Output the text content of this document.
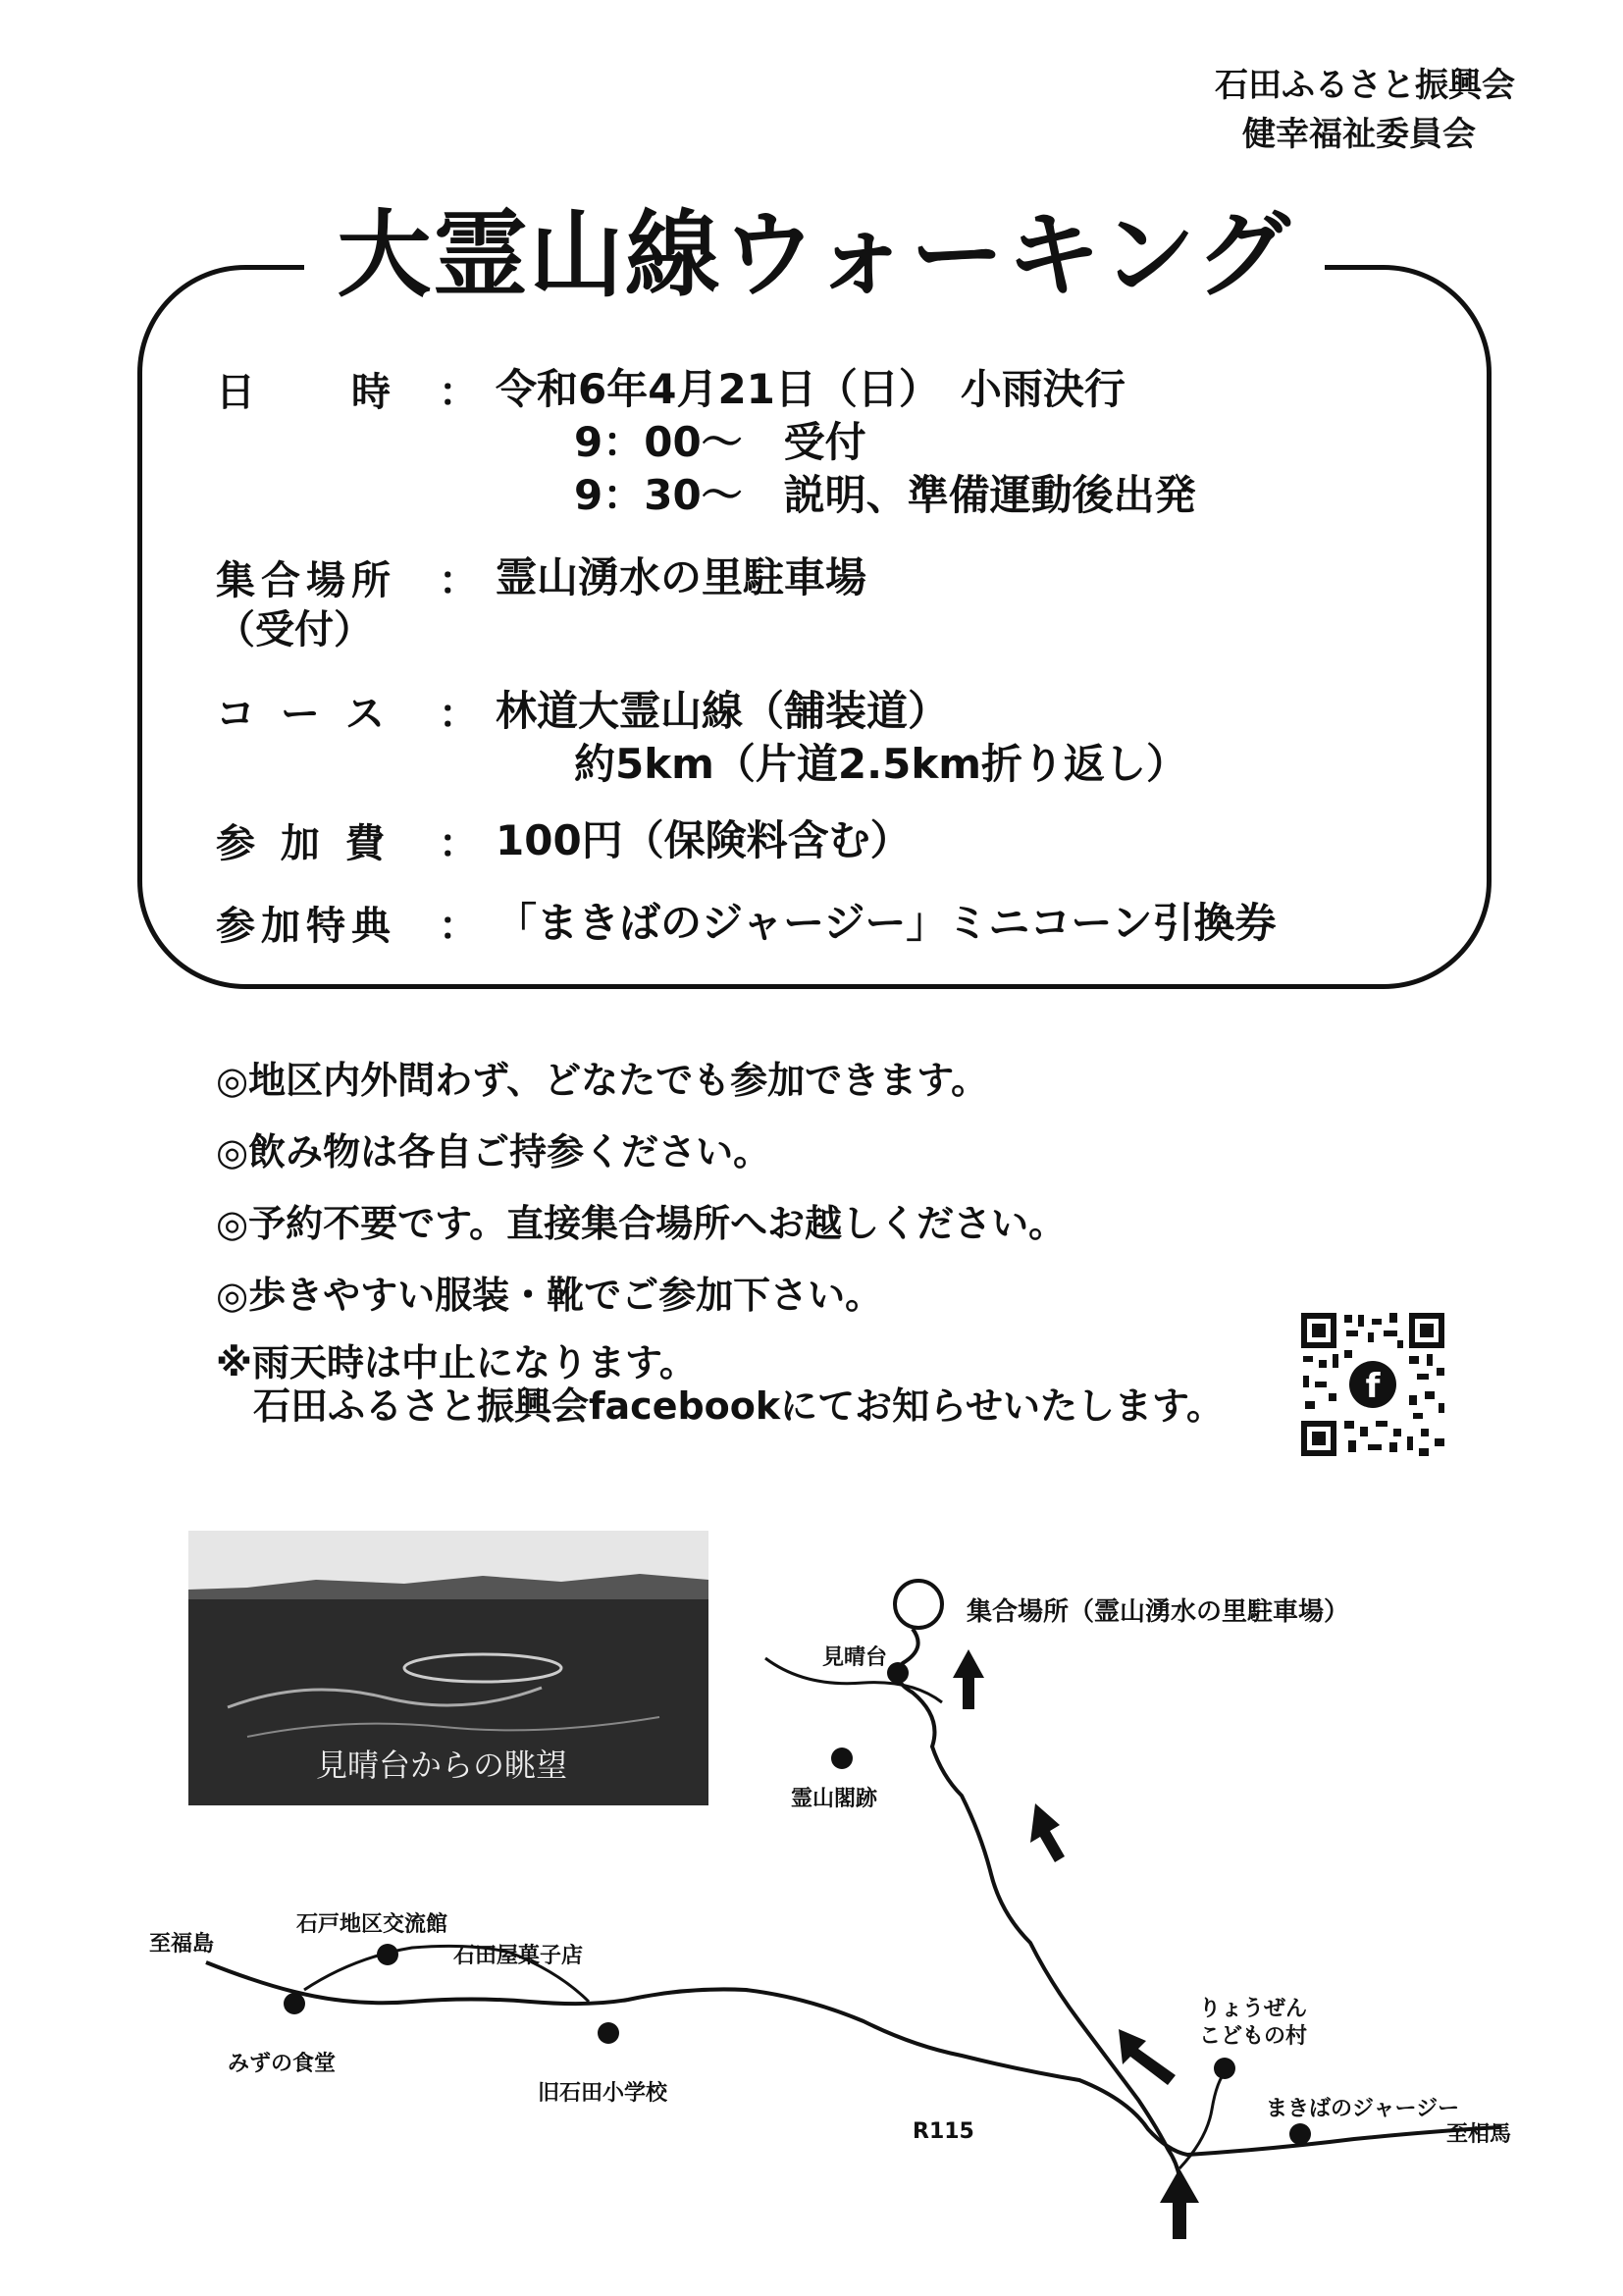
石田ふるさと振興会
健幸福祉委員会
大霊山線ウォーキング
日　　時 ： 令和6年4月21日（日）　小雨決行
9：00～　受付
9：30～　説明、準備運動後出発
集合場所
（受付）
： 霊山湧水の里駐車場
コ ー ス ： 林道大霊山線（舗装道）
約5km（片道2.5km折り返し）
参 加 費 ： 100円（保険料含む）
参加特典 ： 「まきばのジャージー」ミニコーン引換券
◎地区内外問わず、どなたでも参加できます。
◎飲み物は各自ご持参ください。
◎予約不要です。直接集合場所へお越しください。
◎歩きやすい服装・靴でご参加下さい。
※雨天時は中止になります。
　石田ふるさと振興会facebookにてお知らせいたします。	f
見晴台からの眺望
集合場所（霊山湧水の里駐車場）
見晴台
霊山閣跡
至福島
石戸地区交流館
石田屋菓子店
みずの食堂
旧石田小学校
R115
りょうぜん
こどもの村
まきばのジャージー
至相馬
